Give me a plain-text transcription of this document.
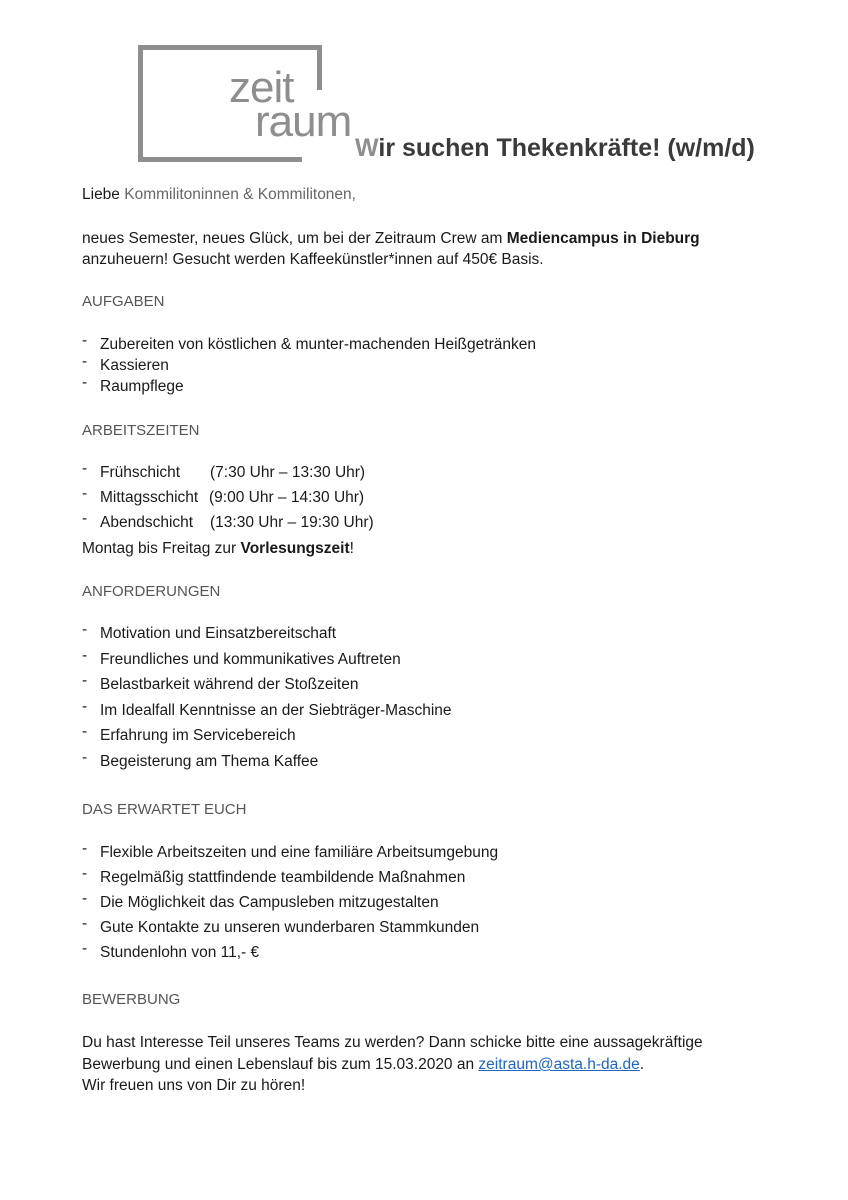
zeit
raum
Wir suchen Thekenkräfte! (w/m/d)
Liebe Kommilitoninnen & Kommilitonen,
neues Semester, neues Glück, um bei der Zeitraum Crew am Mediencampus in Dieburg
anzuheuern! Gesucht werden Kaffeekünstler*innen auf 450€ Basis.
AUFGABEN
- Zubereiten von köstlichen & munter-machenden Heißgetränken
- Kassieren
- Raumpflege
ARBEITSZEITEN
- Frühschicht (7:30 Uhr – 13:30 Uhr)
- Mittagsschicht (9:00 Uhr – 14:30 Uhr)
- Abendschicht (13:30 Uhr – 19:30 Uhr)
Montag bis Freitag zur Vorlesungszeit!
ANFORDERUNGEN
- Motivation und Einsatzbereitschaft
- Freundliches und kommunikatives Auftreten
- Belastbarkeit während der Stoßzeiten
- Im Idealfall Kenntnisse an der Siebträger-Maschine
- Erfahrung im Servicebereich
- Begeisterung am Thema Kaffee
DAS ERWARTET EUCH
- Flexible Arbeitszeiten und eine familiäre Arbeitsumgebung
- Regelmäßig stattfindende teambildende Maßnahmen
- Die Möglichkeit das Campusleben mitzugestalten
- Gute Kontakte zu unseren wunderbaren Stammkunden
- Stundenlohn von 11,- €
BEWERBUNG
Du hast Interesse Teil unseres Teams zu werden? Dann schicke bitte eine aussagekräftige
Bewerbung und einen Lebenslauf bis zum 15.03.2020 an zeitraum@asta.h-da.de.
Wir freuen uns von Dir zu hören!
